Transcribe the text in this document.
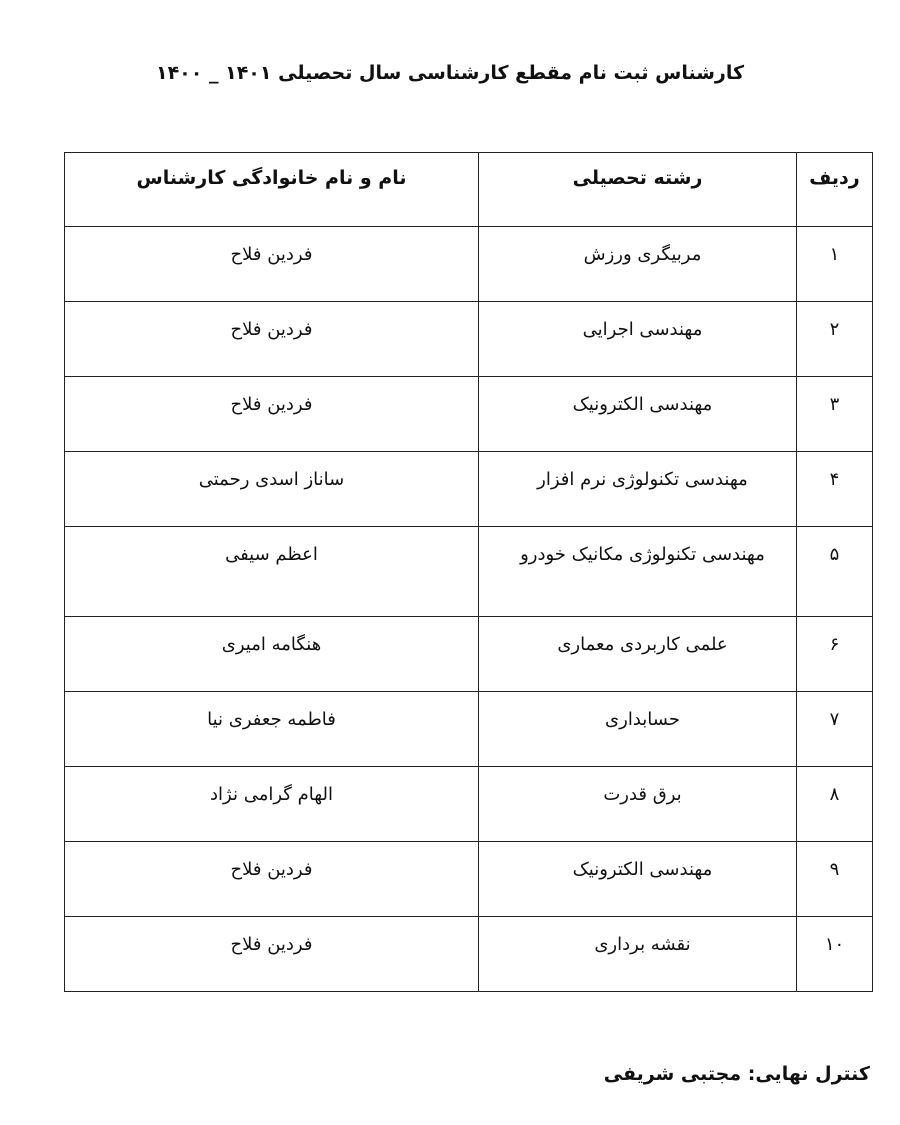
کارشناس ثبت نام مقطع کارشناسی سال تحصیلی ۱۴۰۱ _ ۱۴۰۰
ردیف	رشته تحصیلی	نام و نام خانوادگی کارشناس
۱	مربیگری ورزش	فردین فلاح
۲	مهندسی اجرایی	فردین فلاح
۳	مهندسی الکترونیک	فردین فلاح
۴	مهندسی تکنولوژی نرم افزار	ساناز اسدی رحمتی
۵	مهندسی تکنولوژی مکانیک خودرو	اعظم سیفی
۶	علمی کاربردی معماری	هنگامه امیری
۷	حسابداری	فاطمه جعفری نیا
۸	برق قدرت	الهام گرامی نژاد
۹	مهندسی الکترونیک	فردین فلاح
۱۰	نقشه برداری	فردین فلاح
کنترل نهایی: مجتبی شریفی
